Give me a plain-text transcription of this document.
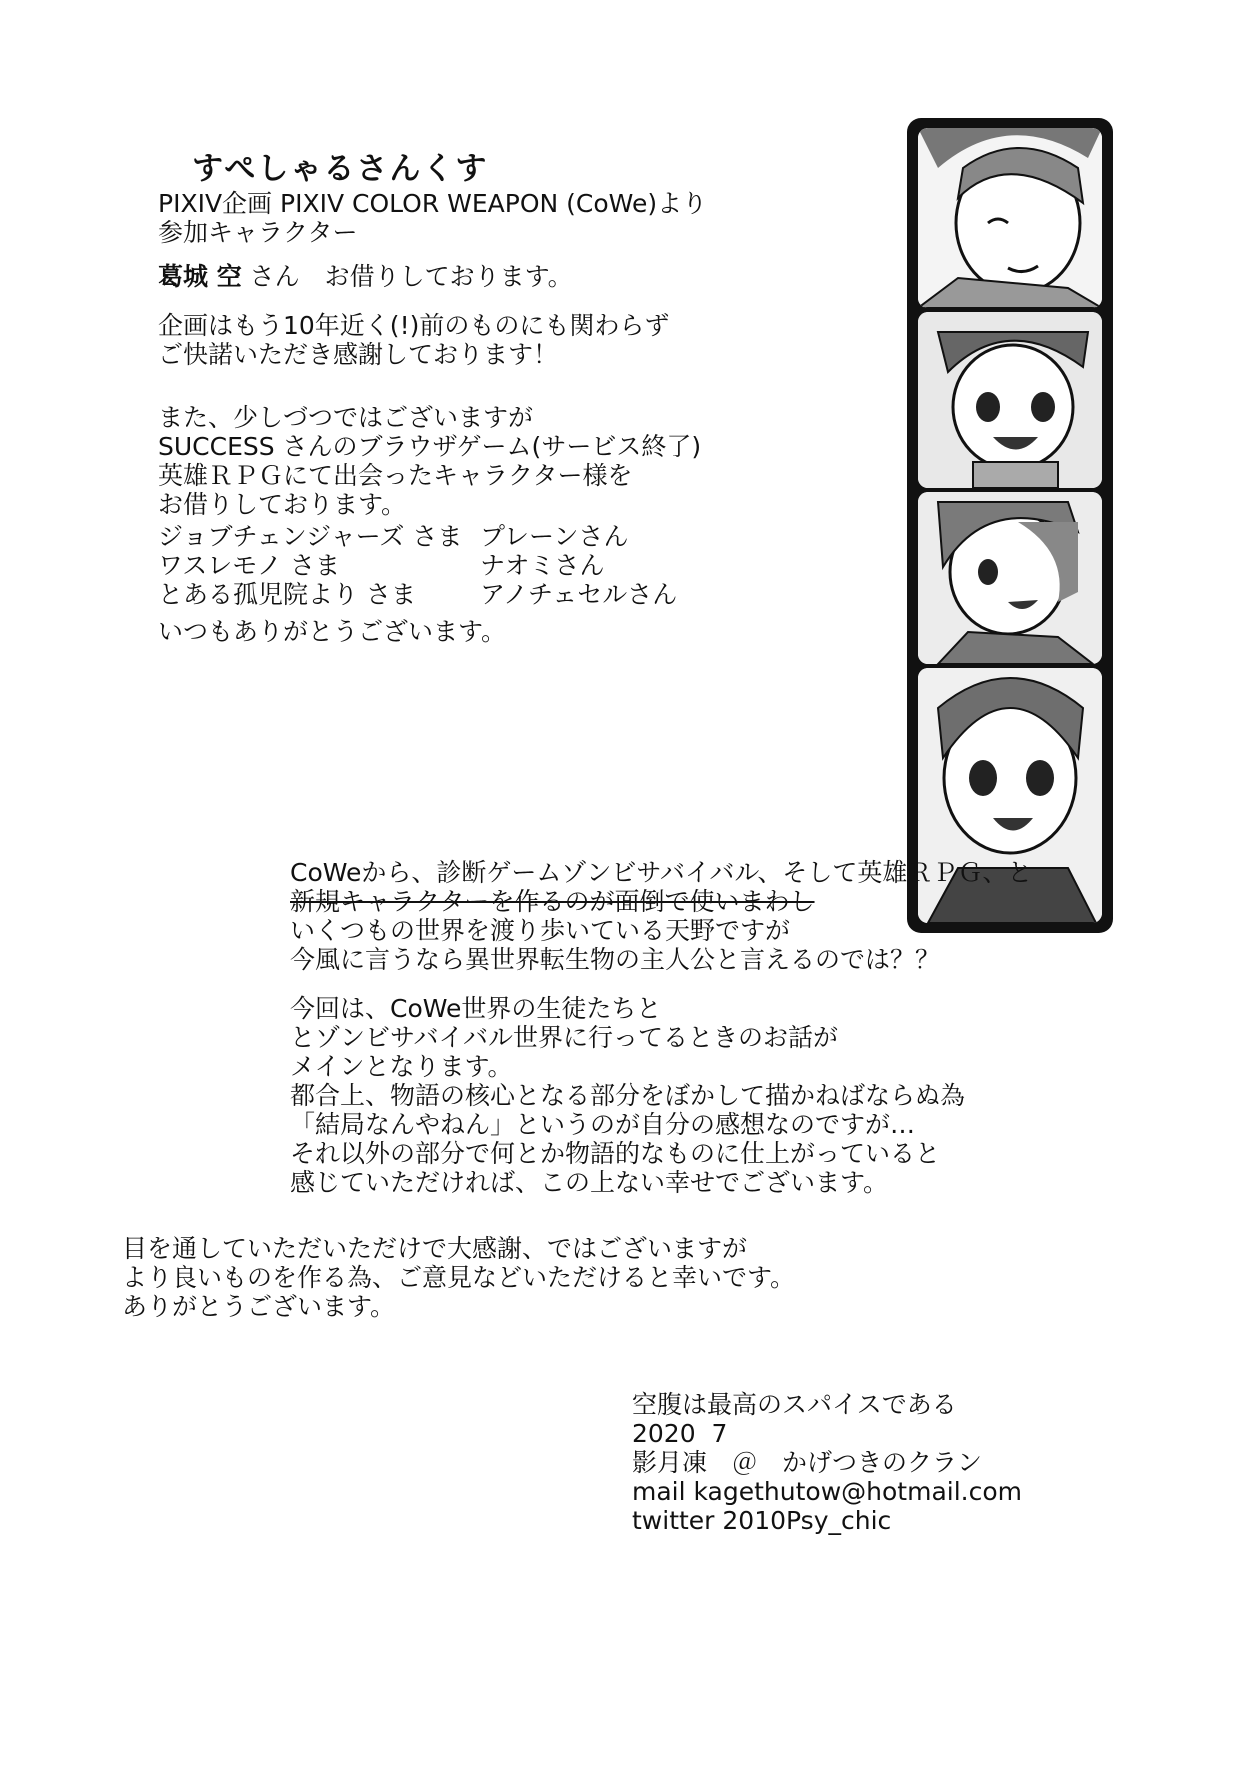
すぺしゃるさんくす
PIXIV企画 PIXIV COLOR WEAPON (CoWe)より
参加キャラクター
葛城 空 さん　お借りしております。
企画はもう10年近く(!)前のものにも関わらず
ご快諾いただき感謝しております！
また、少しづつではございますが
SUCCESS さんのブラウザゲーム(サービス終了)
英雄ＲＰＧにて出会ったキャラクター様を
お借りしております。
ジョブチェンジャーズ さま プレーンさん
ワスレモノ さま	ナオミさん
とある孤児院より さま	アノチェセルさん
いつもありがとうございます。
CoWeから、診断ゲームゾンビサバイバル、そして英雄ＲＰＧ、と
新規キャラクターを作るのが面倒で使いまわし
いくつもの世界を渡り歩いている天野ですが
今風に言うなら異世界転生物の主人公と言えるのでは？？
今回は、CoWe世界の生徒たちと
とゾンビサバイバル世界に行ってるときのお話が
メインとなります。
都合上、物語の核心となる部分をぼかして描かねばならぬ為
「結局なんやねん」というのが自分の感想なのですが…
それ以外の部分で何とか物語的なものに仕上がっていると
感じていただければ、この上ない幸せでございます。
目を通していただいただけで大感謝、ではございますが
より良いものを作る為、ご意見などいただけると幸いです。
ありがとうございます。
空腹は最高のスパイスである
2020  7
影月凍　＠　かげつきのクラン
mail kagethutow@hotmail.com
twitter 2010Psy_chic
